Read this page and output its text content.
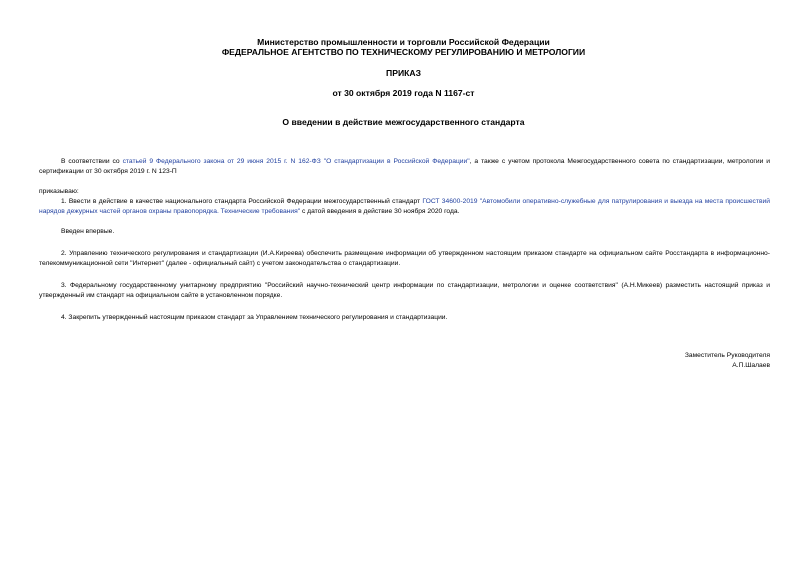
Министерство промышленности и торговли Российской Федерации
ФЕДЕРАЛЬНОЕ АГЕНТСТВО ПО ТЕХНИЧЕСКОМУ РЕГУЛИРОВАНИЮ И МЕТРОЛОГИИ
ПРИКАЗ
от 30 октября 2019 года N 1167-ст
О введении в действие межгосударственного стандарта
В соответствии со статьей 9 Федерального закона от 29 июня 2015 г. N 162-ФЗ "О стандартизации в Российской Федерации", а также с учетом протокола Межгосударственного совета по стандартизации, метрологии и сертификации от 30 октября 2019 г. N 123-П
приказываю:
1. Ввести в действие в качестве национального стандарта Российской Федерации межгосударственный стандарт ГОСТ 34600-2019 "Автомобили оперативно-служебные для патрулирования и выезда на места происшествий нарядов дежурных частей органов охраны правопорядка. Технические требования" с датой введения в действие 30 ноября 2020 года.
Введен впервые.
2. Управлению технического регулирования и стандартизации (И.А.Киреева) обеспечить размещение информации об утвержденном настоящим приказом стандарте на официальном сайте Росстандарта в информационно-телекоммуникационной сети "Интернет" (далее - официальный сайт) с учетом законодательства о стандартизации.
3. Федеральному государственному унитарному предприятию "Российский научно-технический центр информации по стандартизации, метрологии и оценке соответствия" (А.Н.Микеев) разместить настоящий приказ и утвержденный им стандарт на официальном сайте в установленном порядке.
4. Закрепить утвержденный настоящим приказом стандарт за Управлением технического регулирования и стандартизации.
Заместитель Руководителя
А.П.Шалаев
